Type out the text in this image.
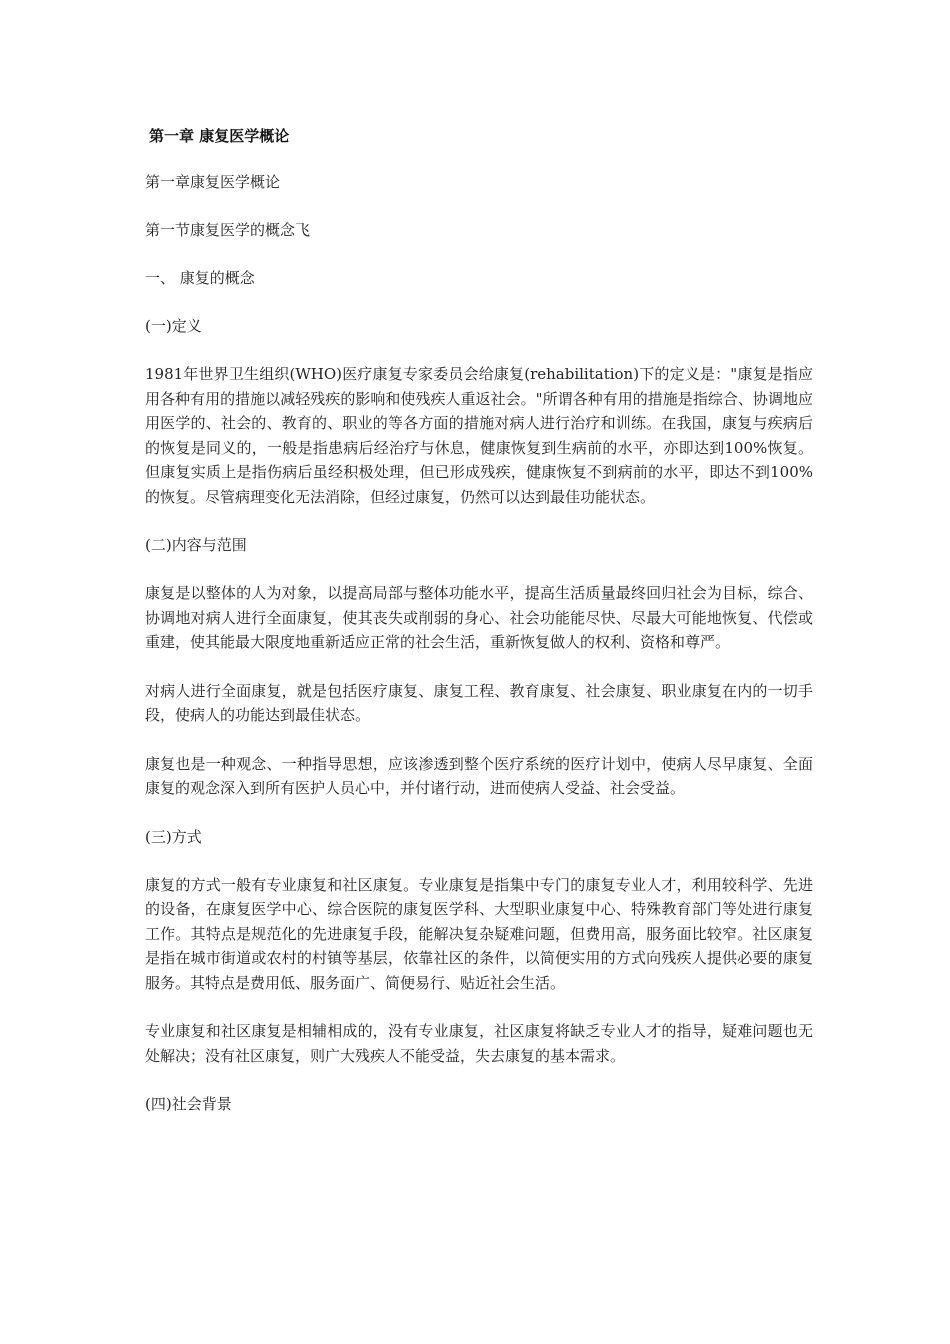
第一章 康复医学概论

第一章康复医学概论

第一节康复医学的概念飞

一、 康复的概念

(一)定义

1981年世界卫生组织(WHO)医疗康复专家委员会给康复(rehabilitation)下的定义是："康复是指应用各种有用的措施以减轻残疾的影响和使残疾人重返社会。"所谓各种有用的措施是指综合、协调地应用医学的、社会的、教育的、职业的等各方面的措施对病人进行治疗和训练。在我国，康复与疾病后的恢复是同义的，一般是指患病后经治疗与休息，健康恢复到生病前的水平，亦即达到100%恢复。但康复实质上是指伤病后虽经积极处理，但已形成残疾，健康恢复不到病前的水平，即达不到100%的恢复。尽管病理变化无法消除，但经过康复，仍然可以达到最佳功能状态。

(二)内容与范围

康复是以整体的人为对象，以提高局部与整体功能水平，提高生活质量最终回归社会为目标，综合、协调地对病人进行全面康复，使其丧失或削弱的身心、社会功能能尽快、尽最大可能地恢复、代偿或重建，使其能最大限度地重新适应正常的社会生活，重新恢复做人的权利、资格和尊严。

对病人进行全面康复，就是包括医疗康复、康复工程、教育康复、社会康复、职业康复在内的一切手段，使病人的功能达到最佳状态。

康复也是一种观念、一种指导思想，应该渗透到整个医疗系统的医疗计划中，使病人尽早康复、全面康复的观念深入到所有医护人员心中，并付诸行动，进而使病人受益、社会受益。

(三)方式

康复的方式一般有专业康复和社区康复。专业康复是指集中专门的康复专业人才，利用较科学、先进的设备，在康复医学中心、综合医院的康复医学科、大型职业康复中心、特殊教育部门等处进行康复工作。其特点是规范化的先进康复手段，能解决复杂疑难问题，但费用高，服务面比较窄。社区康复是指在城市街道或农村的村镇等基层，依靠社区的条件，以简便实用的方式向残疾人提供必要的康复服务。其特点是费用低、服务面广、简便易行、贴近社会生活。

专业康复和社区康复是相辅相成的，没有专业康复，社区康复将缺乏专业人才的指导，疑难问题也无处解决；没有社区康复，则广大残疾人不能受益，失去康复的基本需求。

(四)社会背景
